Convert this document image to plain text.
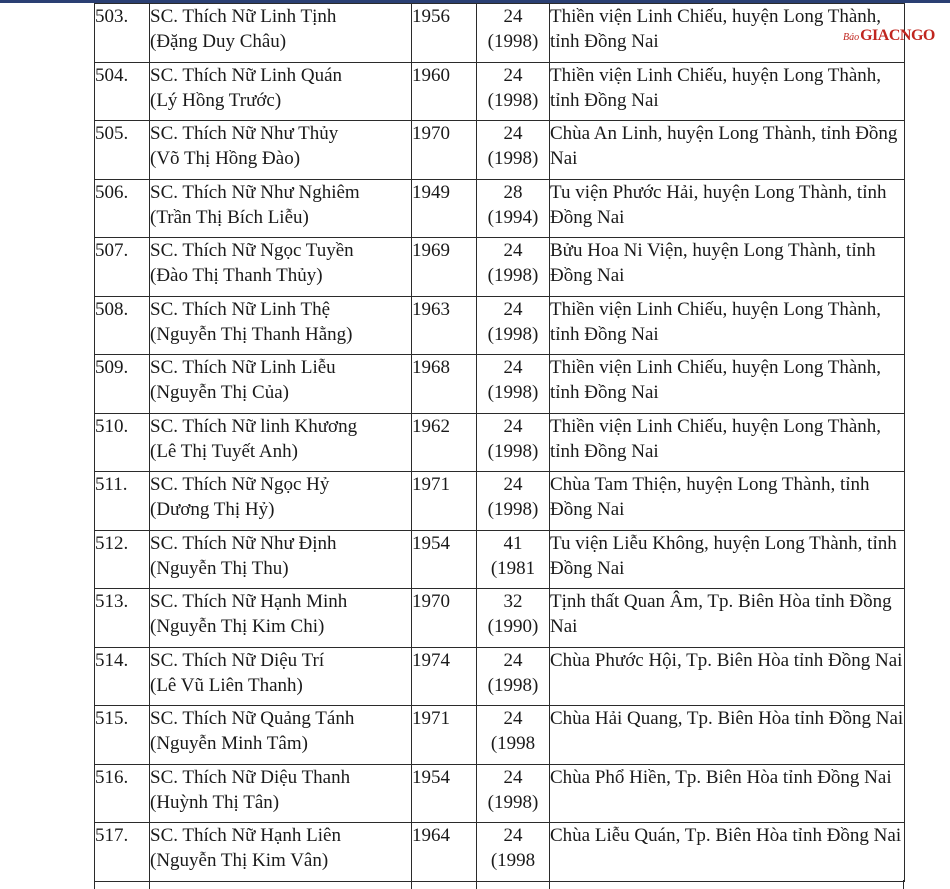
503.	SC. Thích Nữ Linh Tịnh
(Đặng Duy Châu)	1956	24
(1998)	Thiền viện Linh Chiếu, huyện Long Thành, tỉnh Đồng Nai

504.	SC. Thích Nữ Linh Quán
(Lý Hồng Trước)	1960	24
(1998)	Thiền viện Linh Chiếu, huyện Long Thành, tỉnh Đồng Nai

505.	SC. Thích Nữ Như Thủy
(Võ Thị Hồng Đào)	1970	24
(1998)	Chùa An Linh, huyện Long Thành, tỉnh Đồng Nai

506.	SC. Thích Nữ Như Nghiêm
(Trần Thị Bích Liễu)	1949	28
(1994)	Tu viện Phước Hải, huyện Long Thành, tỉnh Đồng Nai

507.	SC. Thích Nữ Ngọc Tuyền
(Đào Thị Thanh Thủy)	1969	24
(1998)	Bửu Hoa Ni Viện, huyện Long Thành, tỉnh Đồng Nai

508.	SC. Thích Nữ Linh Thệ
(Nguyễn Thị Thanh Hằng)	1963	24
(1998)	Thiền viện Linh Chiếu, huyện Long Thành, tỉnh Đồng Nai

509.	SC. Thích Nữ Linh Liễu
(Nguyễn Thị Của)	1968	24
(1998)	Thiền viện Linh Chiếu, huyện Long Thành, tỉnh Đồng Nai

510.	SC. Thích Nữ linh Khương
(Lê Thị Tuyết Anh)	1962	24
(1998)	Thiền viện Linh Chiếu, huyện Long Thành, tỉnh Đồng Nai

511.	SC. Thích Nữ Ngọc Hỷ
(Dương Thị Hỷ)	1971	24
(1998)	Chùa Tam Thiện, huyện Long Thành, tỉnh Đồng Nai

512.	SC. Thích Nữ Như Định
(Nguyễn Thị Thu)	1954	41
(1981	Tu viện Liễu Không, huyện Long Thành, tỉnh Đồng Nai

513.	SC. Thích Nữ Hạnh Minh
(Nguyễn Thị Kim Chi)	1970	32
(1990)	Tịnh thất Quan Âm, Tp. Biên Hòa tỉnh Đồng Nai

514.	SC. Thích Nữ Diệu Trí
(Lê Vũ Liên Thanh)	1974	24
(1998)	Chùa Phước Hội, Tp. Biên Hòa tỉnh Đồng Nai

515.	SC. Thích Nữ Quảng Tánh
(Nguyễn Minh Tâm)	1971	24
(1998	Chùa Hải Quang, Tp. Biên Hòa tỉnh Đồng Nai

516.	SC. Thích Nữ Diệu Thanh
(Huỳnh Thị Tân)	1954	24
(1998)	Chùa Phổ Hiền, Tp. Biên Hòa tỉnh Đồng Nai

517.	SC. Thích Nữ Hạnh Liên
(Nguyễn Thị Kim Vân)	1964	24
(1998	Chùa Liễu Quán, Tp. Biên Hòa tỉnh Đồng Nai
Báo GIACNGO
